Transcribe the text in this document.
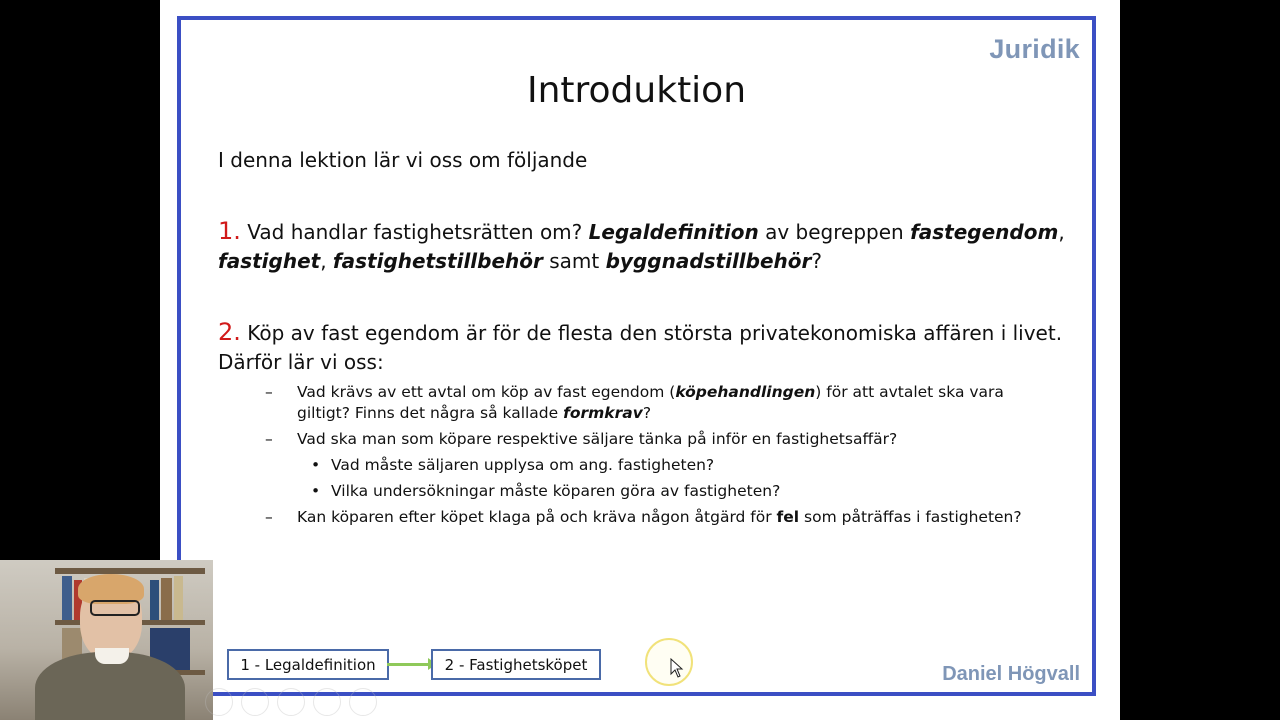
Juridik
Introduktion
I denna lektion lär vi oss om följande
1. Vad handlar fastighetsrätten om? Legaldefinition av begreppen fastegendom,
fastighet, fastighetstillbehör samt byggnadstillbehör?
2. Köp av fast egendom är för de flesta den största privatekonomiska affären i livet. Därför lär vi oss:
– Vad krävs av ett avtal om köp av fast egendom (köpehandlingen) för att avtalet ska vara giltigt? Finns det några så kallade formkrav?
– Vad ska man som köpare respektive säljare tänka på inför en fastighetsaffär?
• Vad måste säljaren upplysa om ang. fastigheten?
• Vilka undersökningar måste köparen göra av fastigheten?
– Kan köparen efter köpet klaga på och kräva någon åtgärd för fel som påträffas i fastigheten?
1 - Legaldefinition	2 - Fastighetsköpet	Daniel Högvall
